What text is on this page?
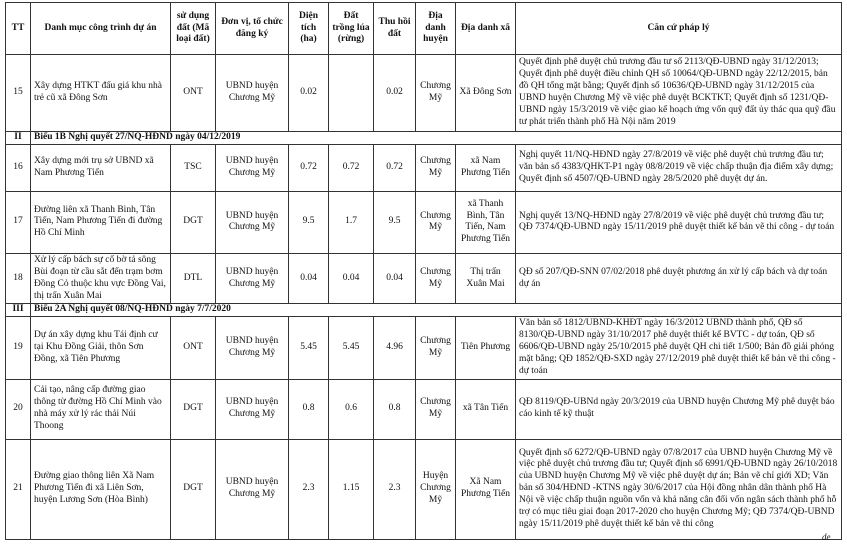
TT	Danh mục công trình dự án	sử dụng đất (Mã loại đất)	Đơn vị, tổ chức đăng ký	Diện tích (ha)	Đất trồng lúa (rừng)	Thu hồi đất	Địa danh huyện	Địa danh xã	Căn cứ pháp lý
15	Xây dựng HTKT đấu giá khu nhà trẻ cũ xã Đông Sơn	ONT	UBND huyện Chương Mỹ	0.02		0.02	Chương Mỹ	Xã Đông Sơn	Quyết định phê duyệt chủ trương đầu tư số 2113/QĐ-UBND ngày 31/12/2013; Quyết định phê duyệt điều chỉnh QH số 10064/QĐ-UBND ngày 22/12/2015, bản đồ QH tổng mặt bằng; Quyết định số 10636/QĐ-UBND ngày 31/12/2015 của UBND huyện Chương Mỹ về việc phê duyệt BCKTKT; Quyết định số 1231/QĐ-UBND ngày 15/3/2019 về việc giao kế hoạch ứng vốn quỹ đất ủy thác qua quỹ đầu tư phát triển thành phố Hà Nội năm 2019
II	Biểu 1B Nghị quyết 27/NQ-HĐND ngày 04/12/2019								
16	Xây dựng mới trụ sở UBND xã Nam Phương Tiến	TSC	UBND huyện Chương Mỹ	0.72	0.72	0.72	Chương Mỹ	xã Nam Phương Tiến	Nghị quyết 11/NQ-HĐND ngày 27/8/2019 về việc phê duyệt chủ trương đầu tư; văn bản số 4383/QHKT-P1 ngày 08/8/2019 về việc chấp thuận địa điểm xây dựng; Quyết định số 4507/QĐ-UBND ngày 28/5/2020 phê duyệt dự án.
17	Đường liên xã Thanh Bình, Tân Tiến, Nam Phương Tiến đi đường Hồ Chí Minh	DGT	UBND huyện Chương Mỹ	9.5	1.7	9.5	Chương Mỹ	xã Thanh Bình, Tân Tiến, Nam Phương Tiến	Nghị quyết 13/NQ-HĐND ngày 27/8/2019 về việc phê duyệt chủ trương đầu tư; QĐ 7374/QĐ-UBND ngày 15/11/2019 phê duyệt thiết kế bản vẽ thi công - dự toán
18	Xử lý cấp bách sự cố bờ tả sông Bùi đoạn từ cầu sắt đến trạm bơm Đồng Cỏ thuộc khu vực Đồng Vai, thị trấn Xuân Mai	DTL	UBND huyện Chương Mỹ	0.04	0.04	0.04	Chương Mỹ	Thị trấn Xuân Mai	QĐ số 207/QĐ-SNN 07/02/2018 phê duyệt phương án xử lý cấp bách và dự toán dự án
III	Biểu 2A Nghị quyết 08/NQ-HĐND ngày 7/7/2020								
19	Dự án xây dựng khu Tái định cư tại Khu Đồng Giải, thôn Sơn Đồng, xã Tiên Phương	ONT	UBND huyện Chương Mỹ	5.45	5.45	4.96	Chương Mỹ	Tiên Phương	Văn bản số 1812/UBND-KHĐT ngày 16/3/2012 UBND thành phố, QĐ số 8130/QĐ-UBND ngày 31/10/2017 phê duyệt thiết kế BVTC - dự toán, QĐ số 6606/QĐ-UBND ngày 25/10/2015 phê duyệt QH chi tiết 1/500; Bản đồ giải phóng mặt bằng; QĐ 1852/QĐ-SXD ngày 27/12/2019 phê duyệt thiết kế bản vẽ thi công - dự toán
20	Cải tạo, nâng cấp đường giao thông từ đường Hồ Chí Minh vào nhà máy xử lý rác thải Núi Thoong	DGT	UBND huyện Chương Mỹ	0.8	0.6	0.8	Chương Mỹ	xã Tân Tiến	QĐ 8119/QĐ-UBNd ngày 20/3/2019 của UBND huyện Chương Mỹ phê duyệt báo cáo kinh tế kỹ thuật
21	Đường giao thông liên Xã Nam Phương Tiến đi xã Liên Sơn, huyện Lương Sơn (Hòa Bình)	DGT	UBND huyện Chương Mỹ	2.3	1.15	2.3	Huyện Chương Mỹ	Xã Nam Phương Tiến	Quyết định số 6272/QĐ-UBND ngày 07/8/2017 của UBND huyện Chương Mỹ về việc phê duyệt chủ trương đầu tư; Quyết định số 6991/QĐ-UBND ngày 26/10/2018 của UBND huyện Chương Mỹ về việc phê duyệt dự án; Bản vẽ chỉ giới XD; Văn bản số 304/HĐND -KTNS ngày 30/6/2017 của Hội đồng nhân dân thành phố Hà Nội về việc chấp thuận nguồn vốn và khả năng cân đối vốn ngân sách thành phố hỗ trợ có mục tiêu giai đoạn 2017-2020 cho huyện Chương Mỹ; QĐ 7374/QĐ-UBND ngày 15/11/2019 phê duyệt thiết kế bản vẽ thi công
de
